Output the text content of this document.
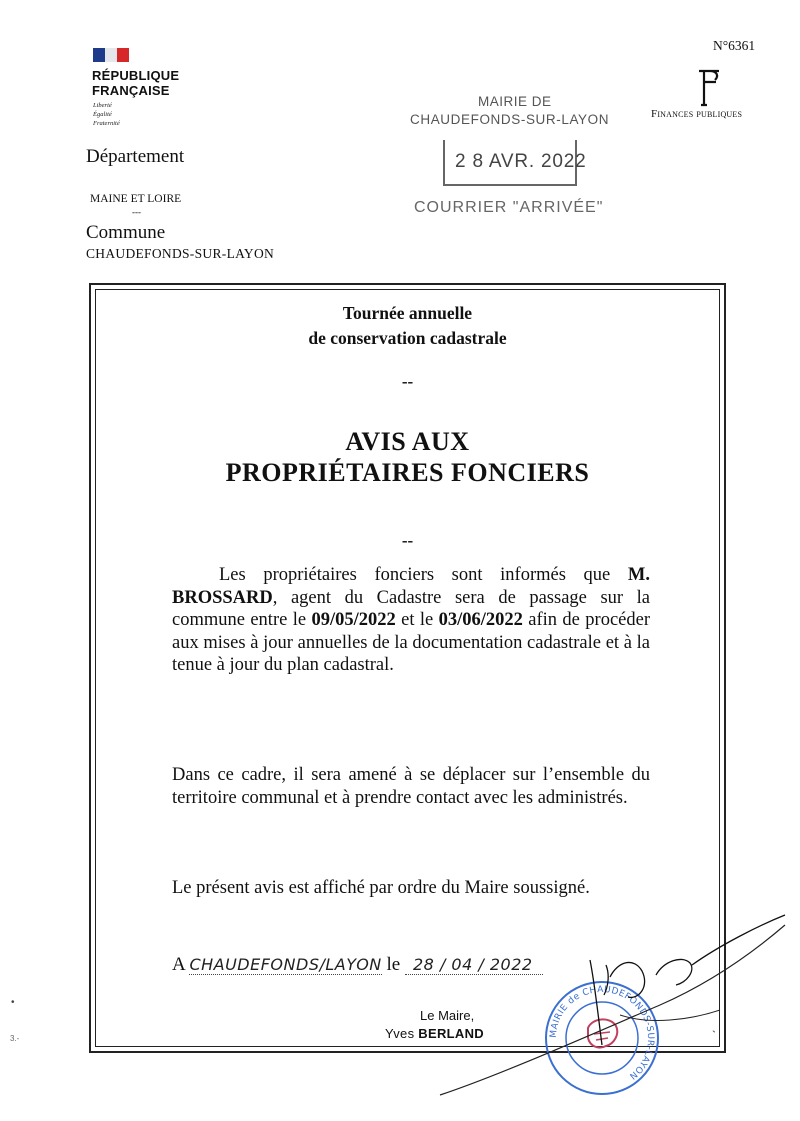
RÉPUBLIQUE
FRANÇAISE
Liberté
Égalité
Fraternité
Département
MAINE ET LOIRE
---
Commune
CHAUDEFONDS-SUR-LAYON
MAIRIE DE
CHAUDEFONDS-SUR-LAYON
2 8 AVR. 2022
COURRIER "ARRIVÉE"
N°6361
Finances publiques
Tournée annuelle
de conservation cadastrale
--
AVIS AUX
PROPRIÉTAIRES FONCIERS
--
Les propriétaires fonciers sont informés que M. BROSSARD, agent du Cadastre sera de passage sur la commune entre le 09/05/2022 et le 03/06/2022 afin de procéder aux mises à jour annuelles de la documentation cadastrale et à la tenue à jour du plan cadastral.
Dans ce cadre, il sera amené à se déplacer sur l’ensemble du territoire communal et à prendre contact avec les administrés.
Le présent avis est affiché par ordre du Maire soussigné.
A CHAUDEFONDS/LAYON le 28 / 04 / 2022
Le Maire,
Yves BERLAND	MAIRIE de CHAUDEFONDS-SUR-LAYON
•
3.-	ˋ
